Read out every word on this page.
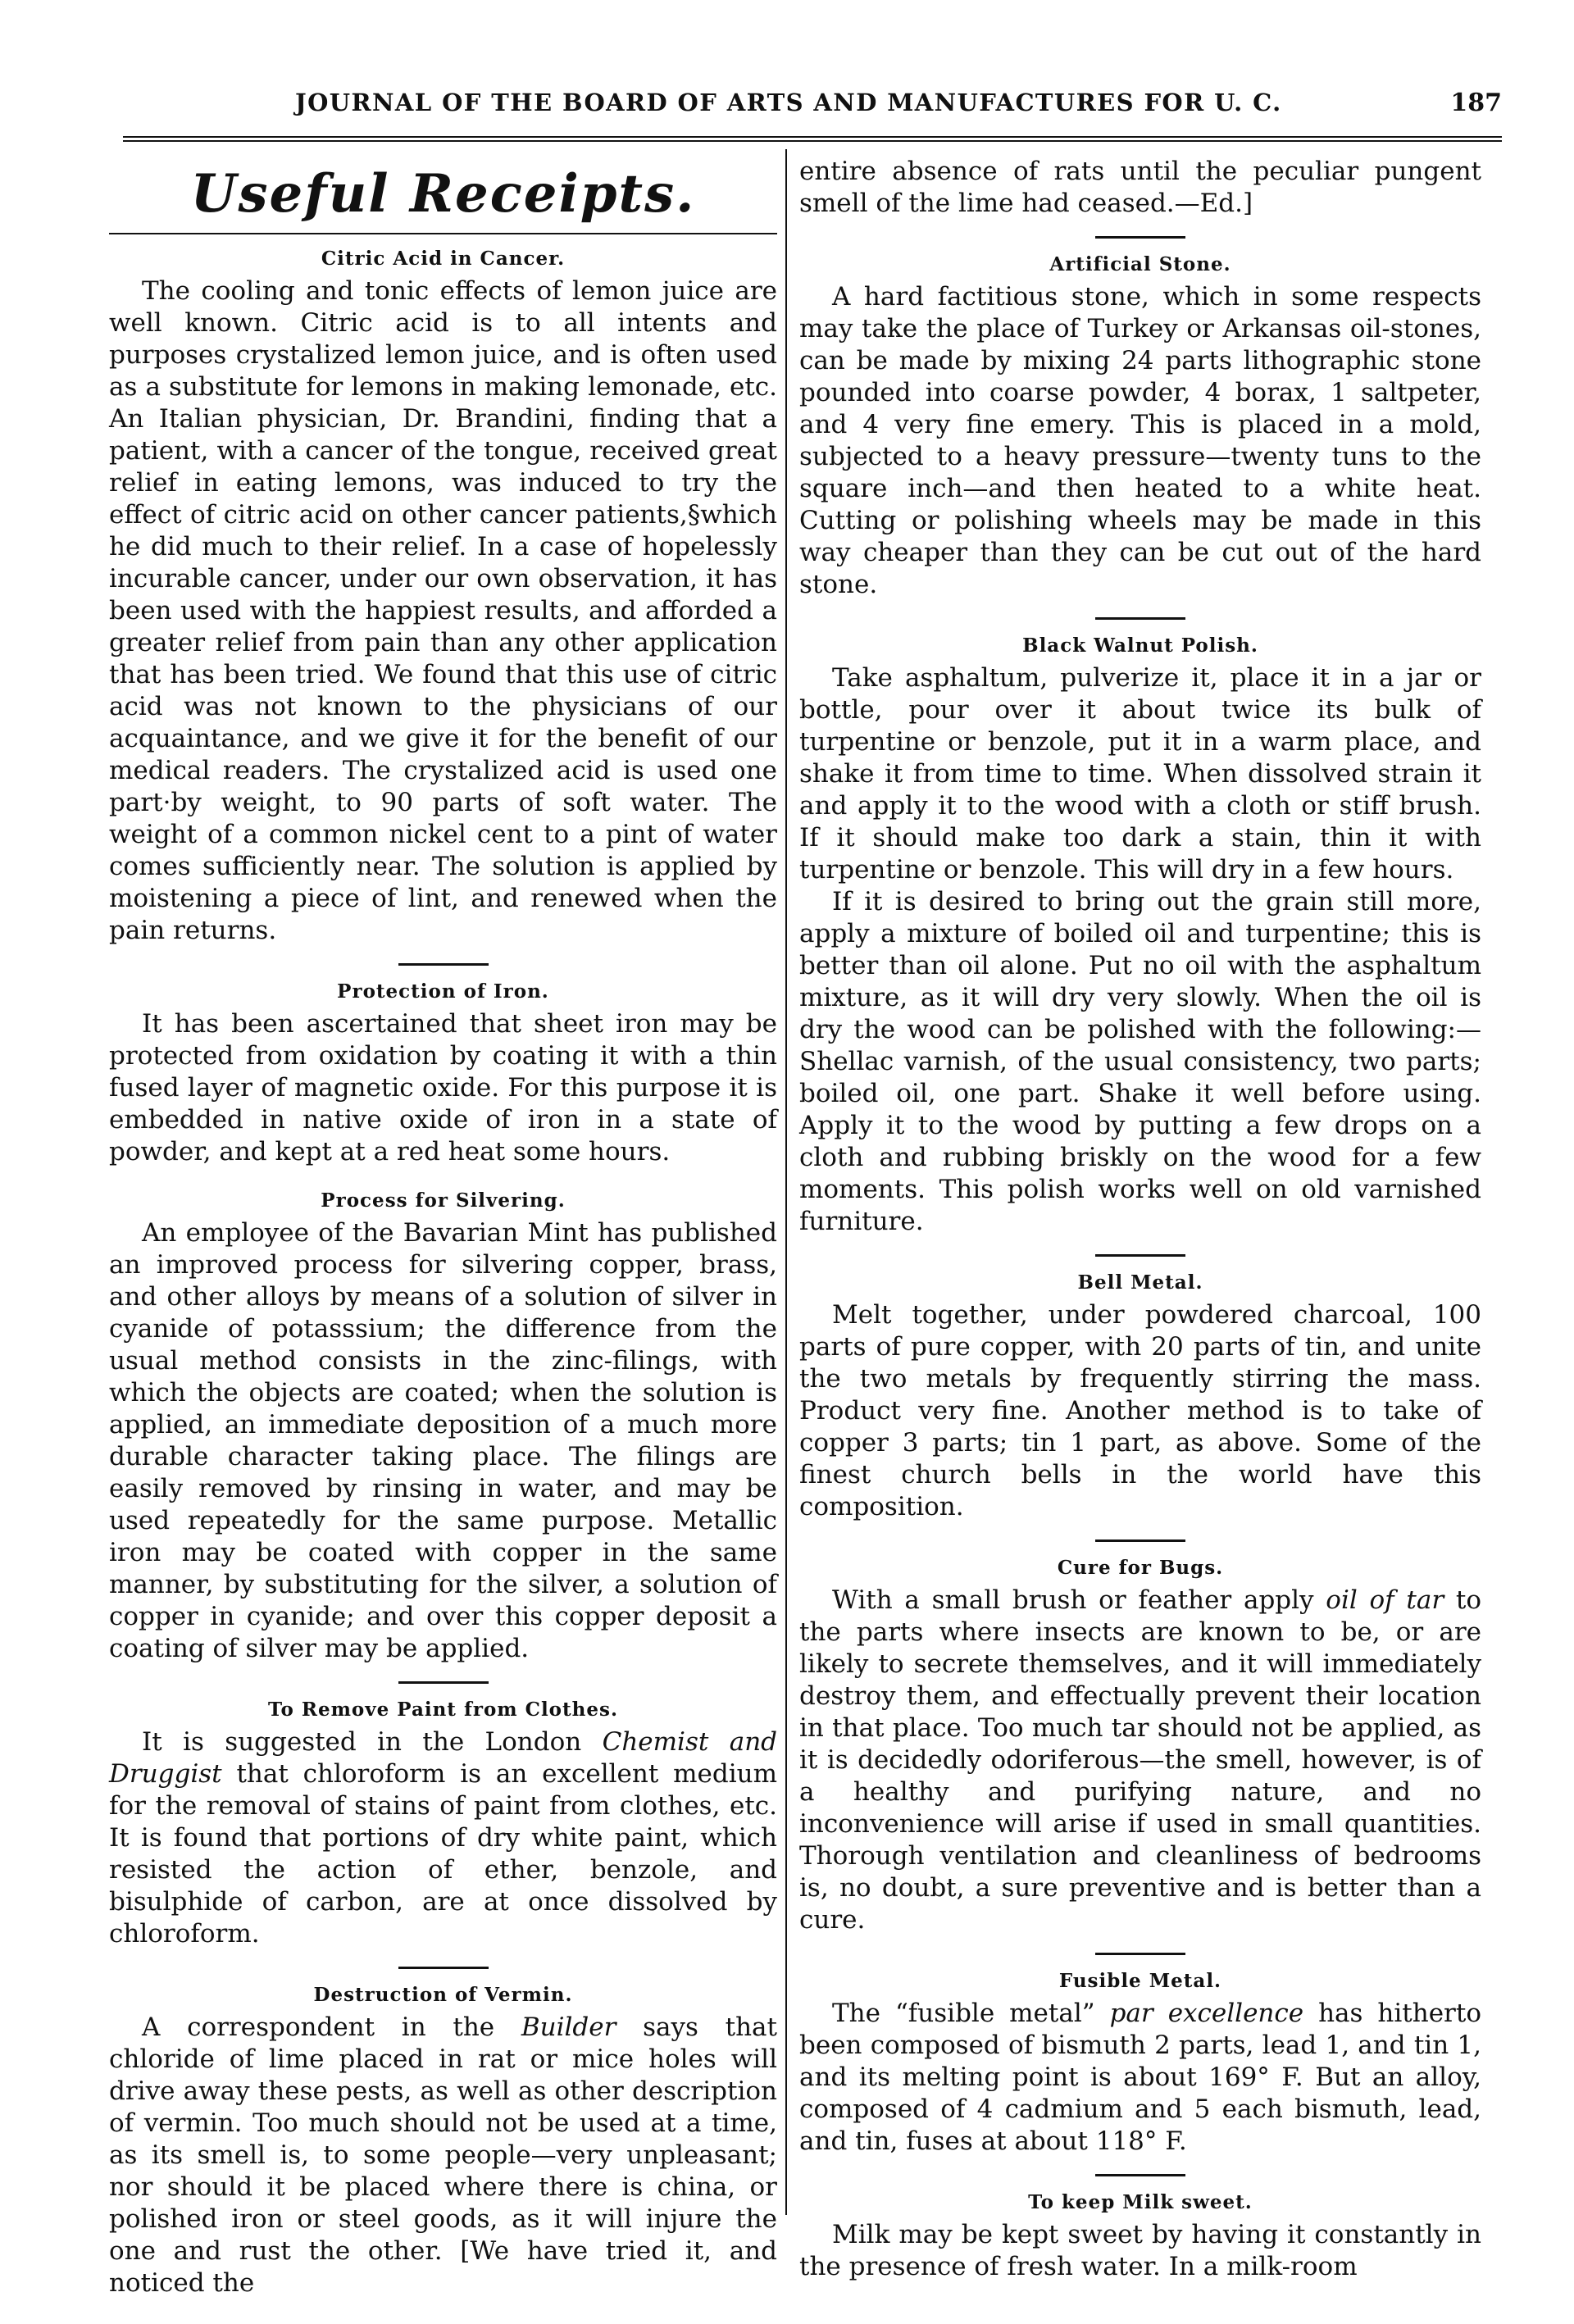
JOURNAL OF THE BOARD OF ARTS AND MANUFACTURES FOR U. C.	187
Useful Receipts.
Citric Acid in Cancer.

The cooling and tonic effects of lemon juice are well known. Citric acid is to all intents and purposes crystalized lemon juice, and is often used as a substitute for lemons in making lemonade, etc. An Italian physician, Dr. Brandini, finding that a patient, with a cancer of the tongue, received great relief in eating lemons, was induced to try the effect of citric acid on other cancer patients,§which he did much to their relief. In a case of hopelessly incurable cancer, under our own observation, it has been used with the happiest results, and afforded a greater relief from pain than any other application that has been tried. We found that this use of citric acid was not known to the physicians of our acquaintance, and we give it for the benefit of our medical readers. The crystalized acid is used one part·by weight, to 90 parts of soft water. The weight of a common nickel cent to a pint of water comes sufficiently near. The solution is applied by moistening a piece of lint, and renewed when the pain returns.

Protection of Iron.

It has been ascertained that sheet iron may be protected from oxidation by coating it with a thin fused layer of magnetic oxide. For this purpose it is embedded in native oxide of iron in a state of powder, and kept at a red heat some hours.

Process for Silvering.

An employee of the Bavarian Mint has published an improved process for silvering copper, brass, and other alloys by means of a solution of silver in cyanide of potasssium; the difference from the usual method consists in the zinc-filings, with which the objects are coated; when the solution is applied, an immediate deposition of a much more durable character taking place. The filings are easily removed by rinsing in water, and may be used repeatedly for the same purpose. Metallic iron may be coated with copper in the same manner, by substituting for the silver, a solution of copper in cyanide; and over this copper deposit a coating of silver may be applied.

To Remove Paint from Clothes.

It is suggested in the London Chemist and Druggist that chloroform is an excellent medium for the removal of stains of paint from clothes, etc. It is found that portions of dry white paint, which resisted the action of ether, benzole, and bisulphide of carbon, are at once dissolved by chloroform.

Destruction of Vermin.

A correspondent in the Builder says that chloride of lime placed in rat or mice holes will drive away these pests, as well as other description of vermin. Too much should not be used at a time, as its smell is, to some people—very unpleasant; nor should it be placed where there is china, or polished iron or steel goods, as it will injure the one and rust the other. [We have tried it, and noticed the

entire absence of rats until the peculiar pungent smell of the lime had ceased.—Ed.]

Artificial Stone.

A hard factitious stone, which in some respects may take the place of Turkey or Arkansas oil-stones, can be made by mixing 24 parts lithographic stone pounded into coarse powder, 4 borax, 1 saltpeter, and 4 very fine emery. This is placed in a mold, subjected to a heavy pressure—twenty tuns to the square inch—and then heated to a white heat. Cutting or polishing wheels may be made in this way cheaper than they can be cut out of the hard stone.

Black Walnut Polish.

Take asphaltum, pulverize it, place it in a jar or bottle, pour over it about twice its bulk of turpentine or benzole, put it in a warm place, and shake it from time to time. When dissolved strain it and apply it to the wood with a cloth or stiff brush. If it should make too dark a stain, thin it with turpentine or benzole. This will dry in a few hours.

If it is desired to bring out the grain still more, apply a mixture of boiled oil and turpentine; this is better than oil alone. Put no oil with the asphaltum mixture, as it will dry very slowly. When the oil is dry the wood can be polished with the following:—Shellac varnish, of the usual consistency, two parts; boiled oil, one part. Shake it well before using. Apply it to the wood by putting a few drops on a cloth and rubbing briskly on the wood for a few moments. This polish works well on old varnished furniture.

Bell Metal.

Melt together, under powdered charcoal, 100 parts of pure copper, with 20 parts of tin, and unite the two metals by frequently stirring the mass. Product very fine. Another method is to take of copper 3 parts; tin 1 part, as above. Some of the finest church bells in the world have this composition.

Cure for Bugs.

With a small brush or feather apply oil of tar to the parts where insects are known to be, or are likely to secrete themselves, and it will immediately destroy them, and effectually prevent their location in that place. Too much tar should not be applied, as it is decidedly odoriferous—the smell, however, is of a healthy and purifying nature, and no inconvenience will arise if used in small quantities. Thorough ventilation and cleanliness of bedrooms is, no doubt, a sure preventive and is better than a cure.

Fusible Metal.

The “fusible metal” par excellence has hitherto been composed of bismuth 2 parts, lead 1, and tin 1, and its melting point is about 169° F. But an alloy, composed of 4 cadmium and 5 each bismuth, lead, and tin, fuses at about 118° F.

To keep Milk sweet.

Milk may be kept sweet by having it constantly in the presence of fresh water. In a milk-room
